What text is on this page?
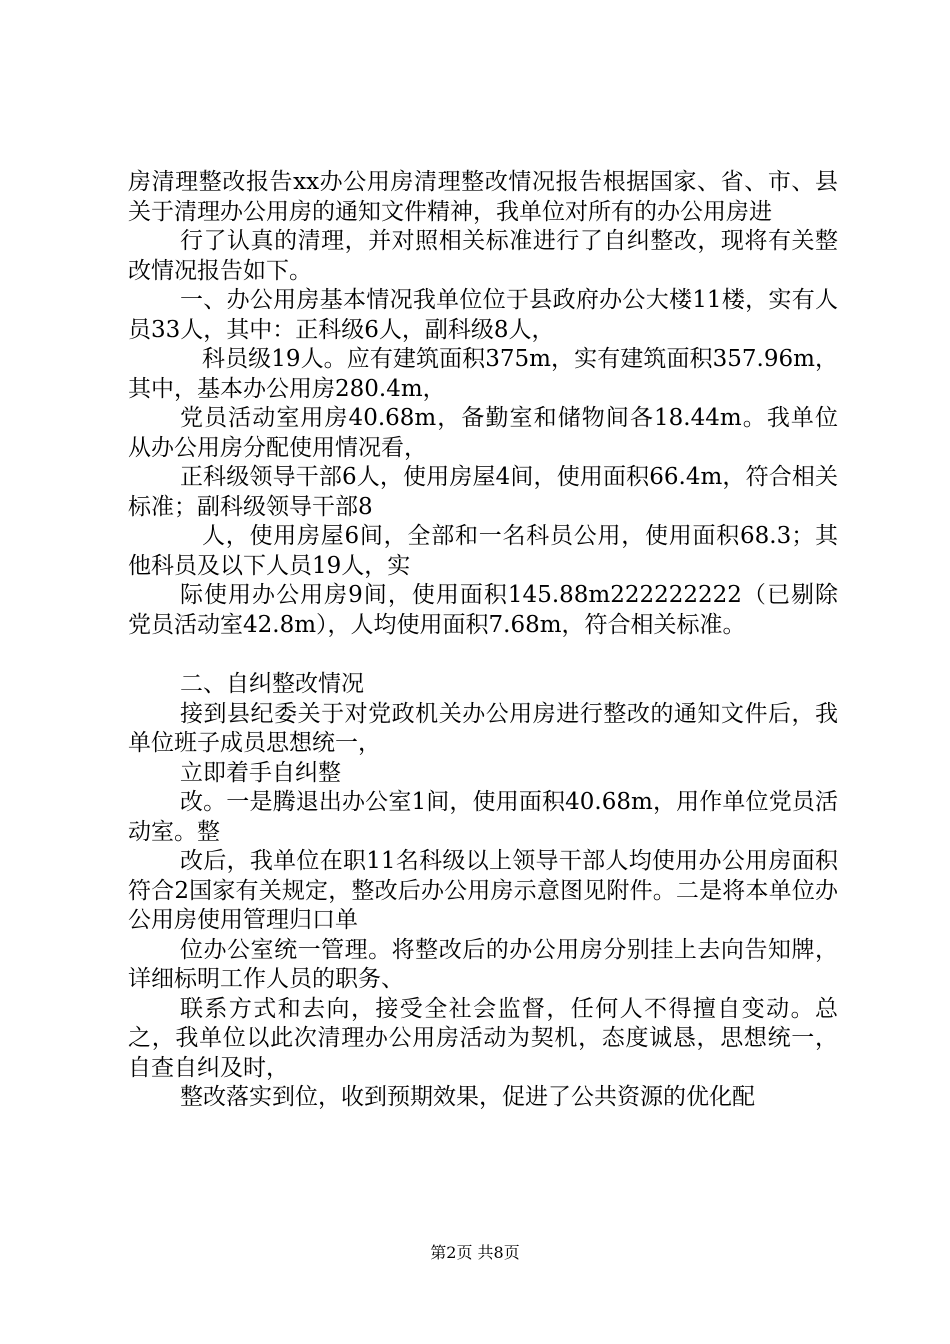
房清理整改报告xx办公用房清理整改情况报告根据国家、省、市、县关于清理办公用房的通知文件精神，我单位对所有的办公用房进

行了认真的清理，并对照相关标准进行了自纠整改，现将有关整改情况报告如下。

一、办公用房基本情况我单位位于县政府办公大楼11楼，实有人员33人，其中：正科级6人，副科级8人，

科员级19人。应有建筑面积375m，实有建筑面积357.96m，其中，基本办公用房280.4m，

党员活动室用房40.68m，备勤室和储物间各18.44m。我单位从办公用房分配使用情况看，

正科级领导干部6人，使用房屋4间，使用面积66.4m，符合相关标准；副科级领导干部8

人，使用房屋6间，全部和一名科员公用，使用面积68.3；其他科员及以下人员19人，实

际使用办公用房9间，使用面积145.88m222222222（已剔除党员活动室42.8m），人均使用面积7.68m，符合相关标准。

二、自纠整改情况

接到县纪委关于对党政机关办公用房进行整改的通知文件后，我单位班子成员思想统一，

立即着手自纠整

改。一是腾退出办公室1间，使用面积40.68m，用作单位党员活动室。整

改后，我单位在职11名科级以上领导干部人均使用办公用房面积符合2国家有关规定，整改后办公用房示意图见附件。二是将本单位办公用房使用管理归口单

位办公室统一管理。将整改后的办公用房分别挂上去向告知牌，详细标明工作人员的职务、

联系方式和去向，接受全社会监督，任何人不得擅自变动。总之，我单位以此次清理办公用房活动为契机，态度诚恳，思想统一，自查自纠及时，

整改落实到位，收到预期效果，促进了公共资源的优化配

第2页 共8页
